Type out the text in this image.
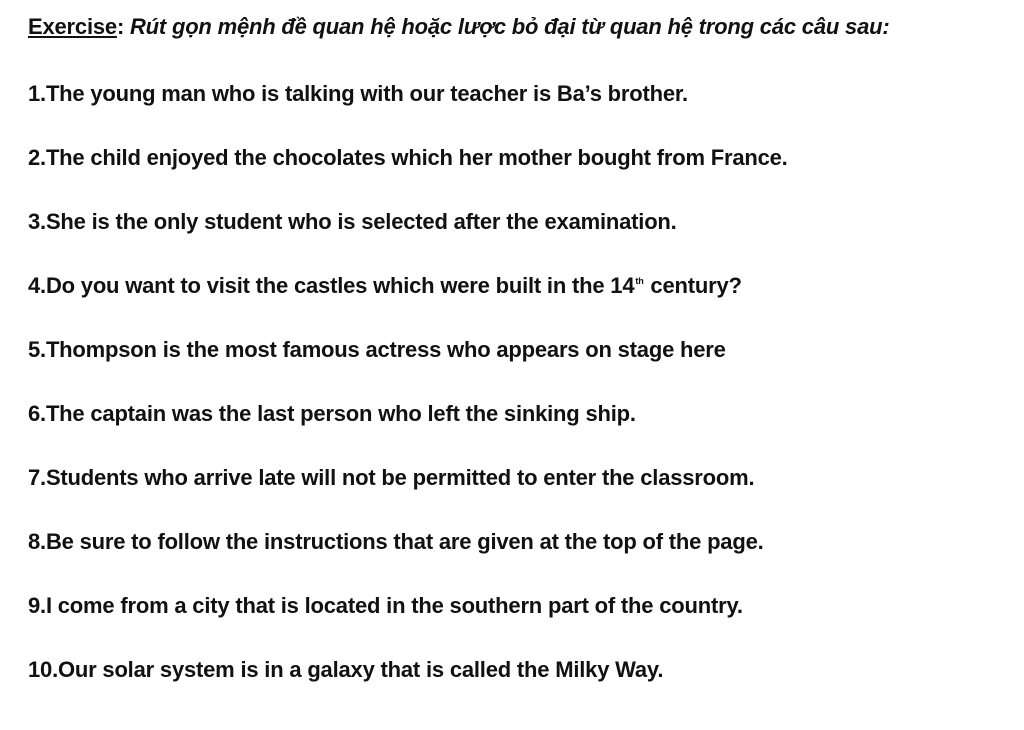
Exercise: Rút gọn mệnh đề quan hệ hoặc lược bỏ đại từ quan hệ trong các câu sau:
1.The young man who is talking with our teacher is Ba’s brother.
2.The child enjoyed the chocolates which her mother bought from France.
3.She is the only student who is selected after the examination.
4.Do you want to visit the castles which were built in the 14th century?
5.Thompson is the most famous actress who appears on stage here
6.The captain was the last person who left the sinking ship.
7.Students who arrive late will not be permitted to enter the classroom.
8.Be sure to follow the instructions that are given at the top of the page.
9.I come from a city that is located in the southern part of the country.
10.Our solar system is in a galaxy that is called the Milky Way.
